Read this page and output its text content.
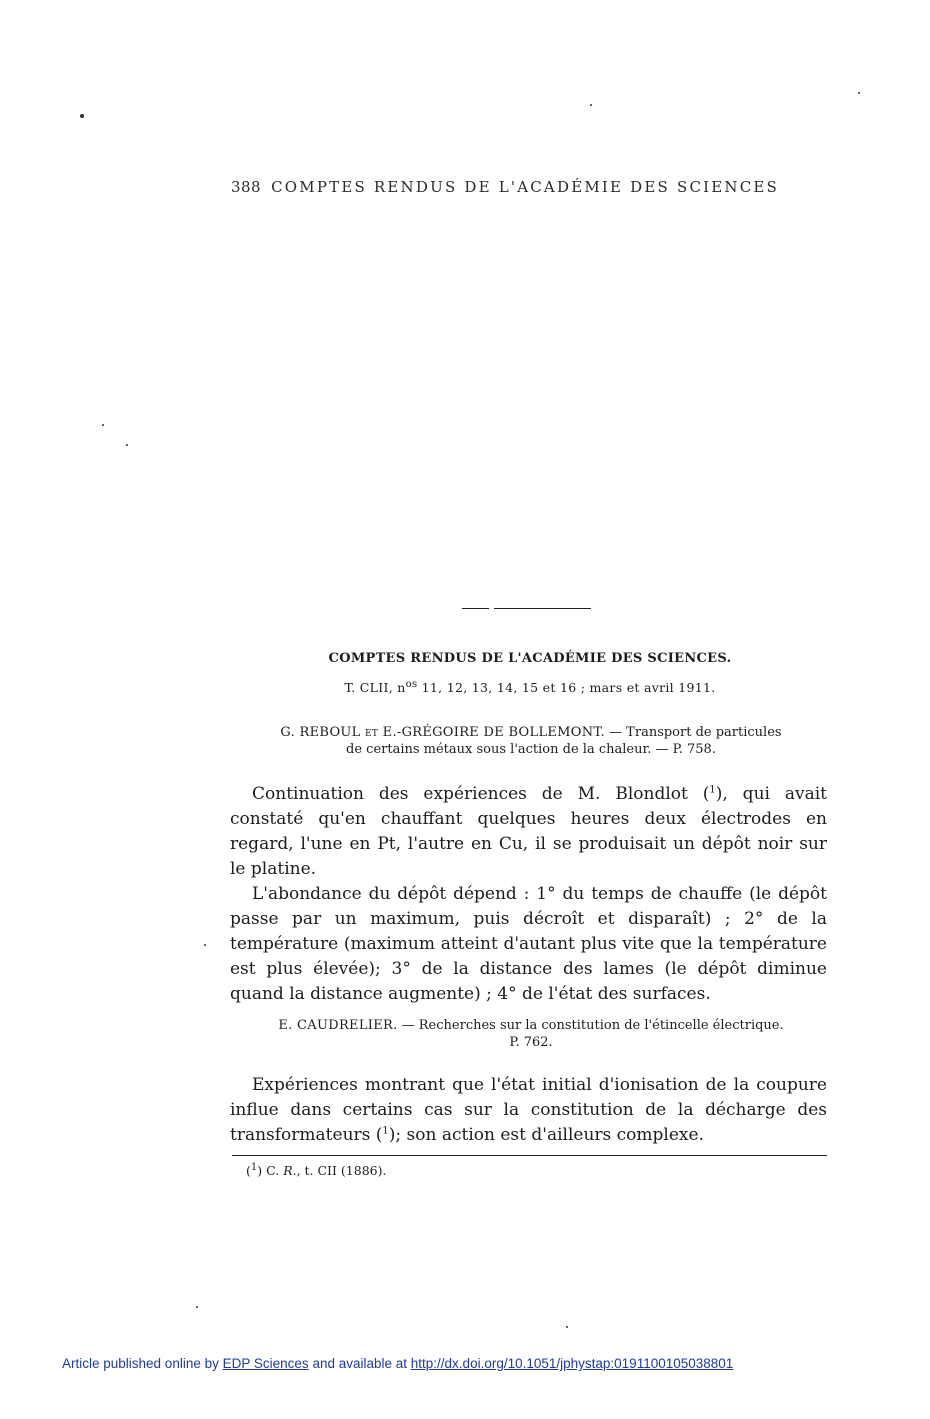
388 COMPTES RENDUS DE L'ACADÉMIE DES SCIENCES
COMPTES RENDUS DE L'ACADÉMIE DES SCIENCES.
T. CLII, $n^{os}$ 11, 12, 13, 14, 15 et 16 ; mars et avril 1911.
G. REBOUL et E.-GRÉGOIRE DE BOLLEMONT. — Transport de particules
de certains métaux sous l'action de la chaleur. — P. 758.

Continuation des expériences de M. Blondlot ($^1$), qui avait constaté qu'en chauffant quelques heures deux électrodes en regard, l'une en Pt, l'autre en Cu, il se produisait un dépôt noir sur le platine.

L'abondance du dépôt dépend : 1° du temps de chauffe (le dépôt passe par un maximum, puis décroît et disparaît) ; 2° de la température (maximum atteint d'autant plus vite que la température est plus élevée); 3° de la distance des lames (le dépôt diminue quand la distance augmente) ; 4° de l'état des surfaces.

E. CAUDRELIER. — Recherches sur la constitution de l'étincelle électrique.
P. 762.

Expériences montrant que l'état initial d'ionisation de la coupure influe dans certains cas sur la constitution de la décharge des transformateurs ($^1$); son action est d'ailleurs complexe.

($^1$) C. R., t. CII (1886).
Article published online by EDP Sciences and available at http://dx.doi.org/10.1051/jphystap:0191100105038801
